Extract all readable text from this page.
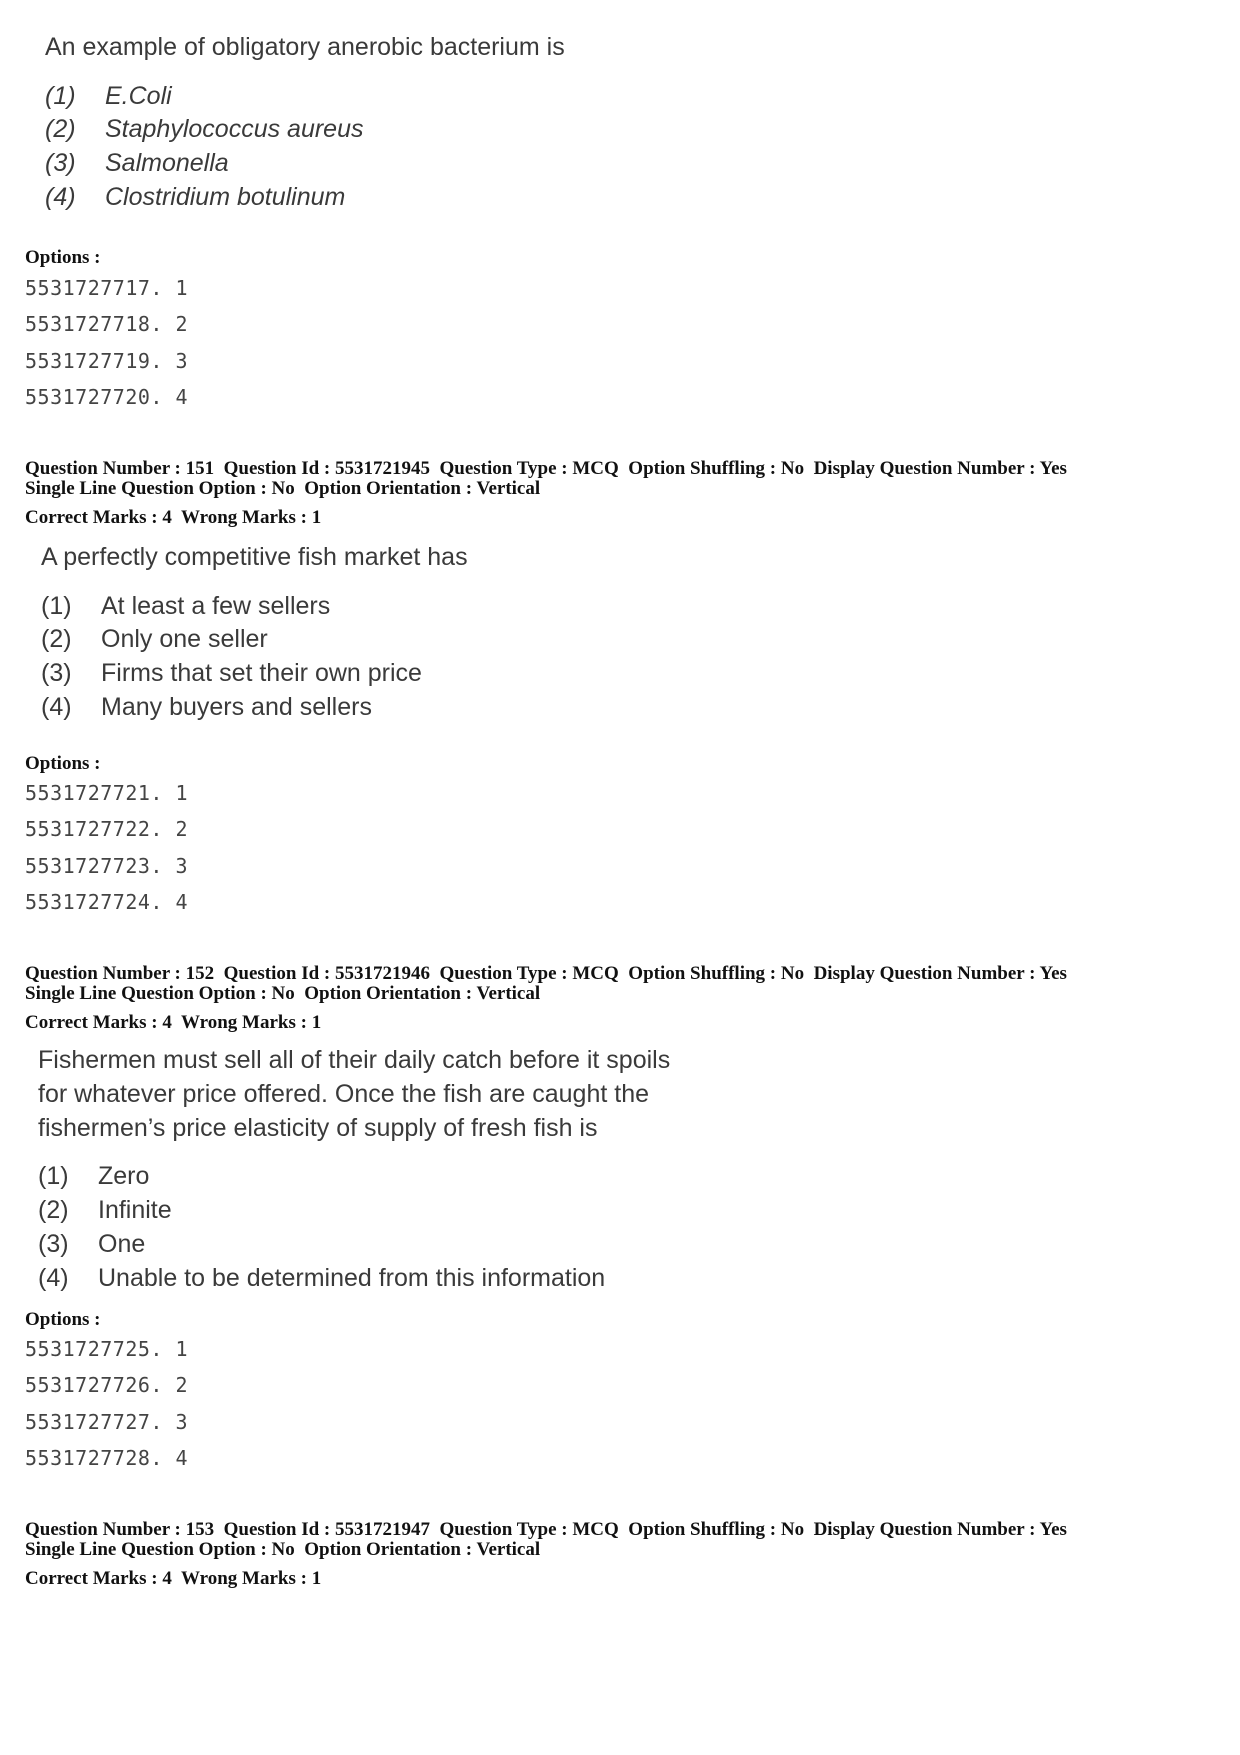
An example of obligatory anerobic bacterium is
(1) E.Coli
(2) Staphylococcus aureus
(3) Salmonella
(4) Clostridium botulinum
Options :
5531727717. 1
5531727718. 2
5531727719. 3
5531727720. 4
Question Number : 151  Question Id : 5531721945  Question Type : MCQ  Option Shuffling : No  Display Question Number : Yes
Single Line Question Option : No  Option Orientation : Vertical
Correct Marks : 4  Wrong Marks : 1
A perfectly competitive fish market has
(1) At least a few sellers
(2) Only one seller
(3) Firms that set their own price
(4) Many buyers and sellers
Options :
5531727721. 1
5531727722. 2
5531727723. 3
5531727724. 4
Question Number : 152  Question Id : 5531721946  Question Type : MCQ  Option Shuffling : No  Display Question Number : Yes
Single Line Question Option : No  Option Orientation : Vertical
Correct Marks : 4  Wrong Marks : 1
Fishermen must sell all of their daily catch before it spoils
for whatever price offered. Once the fish are caught the
fishermen’s price elasticity of supply of fresh fish is
(1) Zero
(2) Infinite
(3) One
(4) Unable to be determined from this information
Options :
5531727725. 1
5531727726. 2
5531727727. 3
5531727728. 4
Question Number : 153  Question Id : 5531721947  Question Type : MCQ  Option Shuffling : No  Display Question Number : Yes
Single Line Question Option : No  Option Orientation : Vertical
Correct Marks : 4  Wrong Marks : 1
